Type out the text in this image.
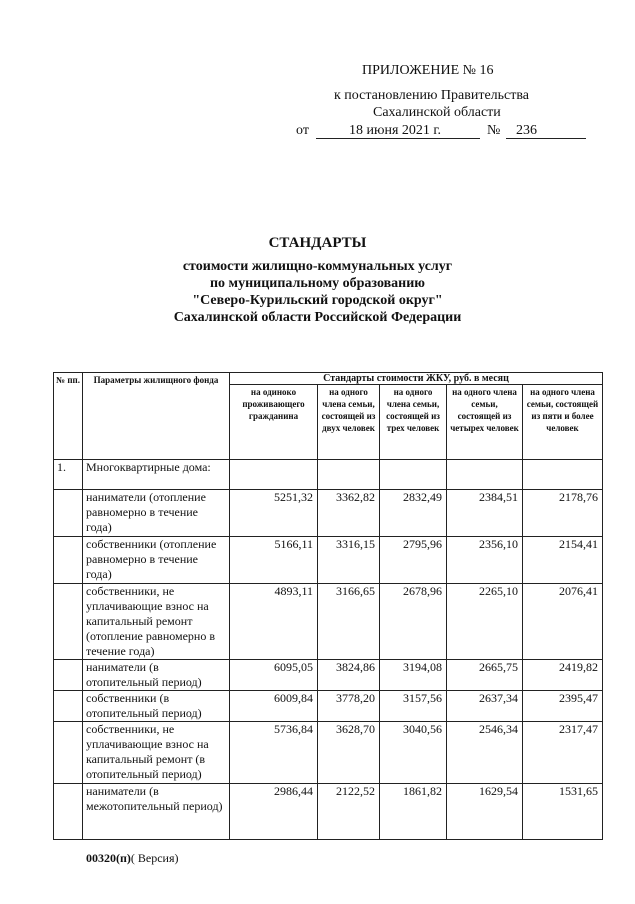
ПРИЛОЖЕНИЕ № 16
к постановлению Правительства
Сахалинской области
от	18 июня 2021 г.	№ 236
СТАНДАРТЫ
стоимости жилищно-коммунальных услуг
по муниципальному образованию
"Северо-Курильский городской округ"
Сахалинской области Российской Федерации
№ пп.	Параметры жилищного фонда	Стандарты стоимости ЖКУ, руб. в месяц				
		на одиноко проживающего гражданина	на одного члена семьи, состоящей из двух человек	на одного члена семьи, состоящей из трех человек	на одного члена семьи, состоящей из четырех человек	на одного члена семьи, состоящей из пяти и более человек
1.	Многоквартирные дома:					
	наниматели (отопление равномерно в течение года)	5251,32	3362,82	2832,49	2384,51	2178,76
	собственники (отопление равномерно в течение года)	5166,11	3316,15	2795,96	2356,10	2154,41
	собственники, не уплачивающие взнос на капитальный ремонт (отопление равномерно в течение года)	4893,11	3166,65	2678,96	2265,10	2076,41
	наниматели (в отопительный период)	6095,05	3824,86	3194,08	2665,75	2419,82
	собственники (в отопительный период)	6009,84	3778,20	3157,56	2637,34	2395,47
	собственники, не уплачивающие взнос на капитальный ремонт (в отопительный период)	5736,84	3628,70	3040,56	2546,34	2317,47
	наниматели (в межотопительный период)	2986,44	2122,52	1861,82	1629,54	1531,65
00320(п)( Версия)
